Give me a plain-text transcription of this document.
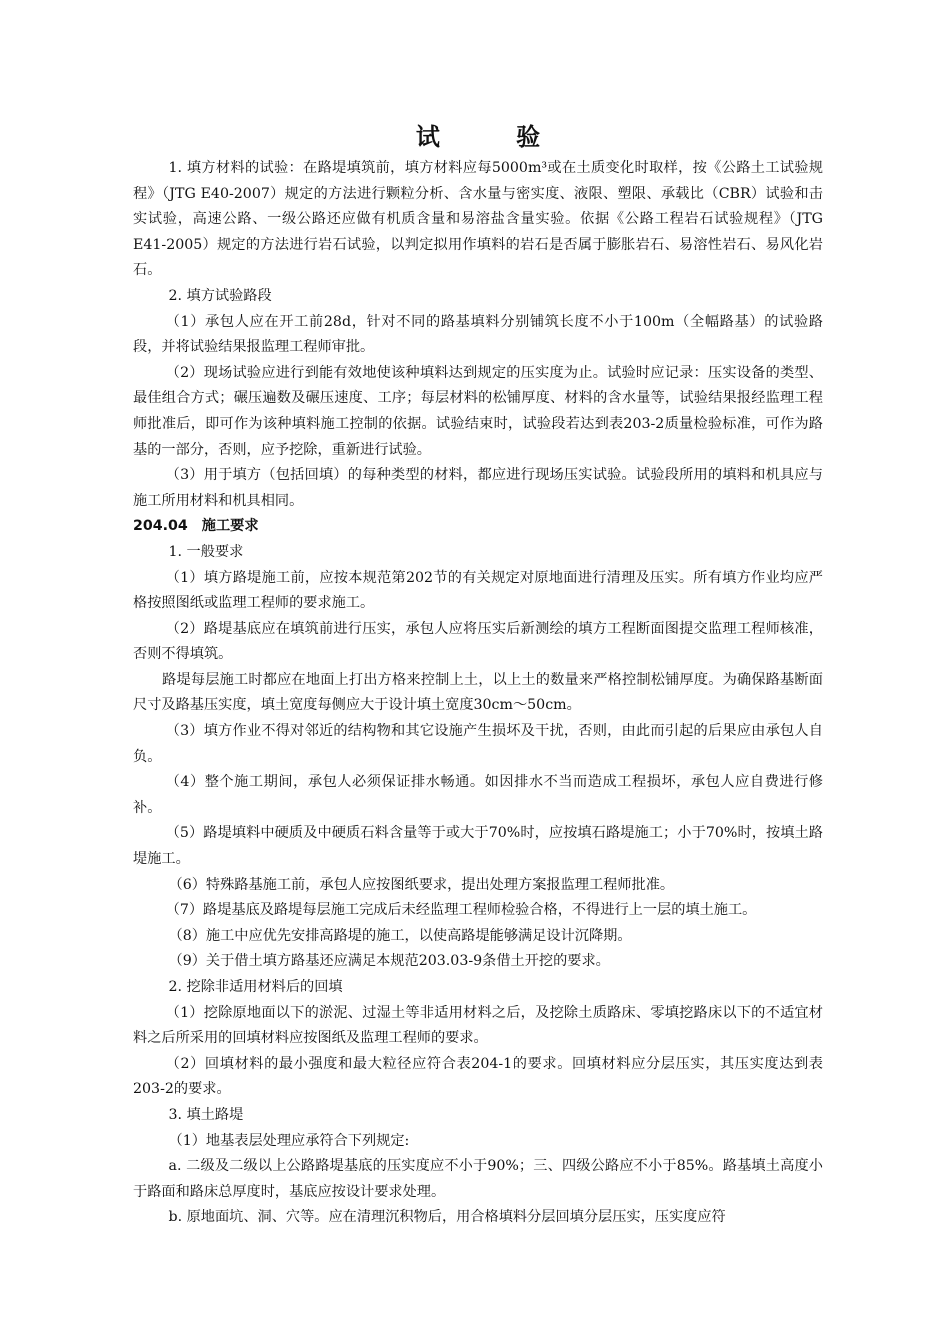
试 验

1. 填方材料的试验：在路堤填筑前，填方材料应每5000m³或在土质变化时取样，按《公路土工试验规程》（JTG E40-2007）规定的方法进行颗粒分析、含水量与密实度、液限、塑限、承载比（CBR）试验和击实试验，高速公路、一级公路还应做有机质含量和易溶盐含量实验。依据《公路工程岩石试验规程》（JTG E41-2005）规定的方法进行岩石试验，以判定拟用作填料的岩石是否属于膨胀岩石、易溶性岩石、易风化岩石。

2. 填方试验路段

（1）承包人应在开工前28d，针对不同的路基填料分别铺筑长度不小于100m（全幅路基）的试验路段，并将试验结果报监理工程师审批。

（2）现场试验应进行到能有效地使该种填料达到规定的压实度为止。试验时应记录：压实设备的类型、最佳组合方式；碾压遍数及碾压速度、工序；每层材料的松铺厚度、材料的含水量等，试验结果报经监理工程师批准后，即可作为该种填料施工控制的依据。试验结束时，试验段若达到表203-2质量检验标准，可作为路基的一部分，否则，应予挖除，重新进行试验。

（3）用于填方（包括回填）的每种类型的材料，都应进行现场压实试验。试验段所用的填料和机具应与施工所用材料和机具相同。

204.04 施工要求

1. 一般要求

（1）填方路堤施工前，应按本规范第202节的有关规定对原地面进行清理及压实。所有填方作业均应严格按照图纸或监理工程师的要求施工。

（2）路堤基底应在填筑前进行压实，承包人应将压实后新测绘的填方工程断面图提交监理工程师核准，否则不得填筑。

路堤每层施工时都应在地面上打出方格来控制上土，以上土的数量来严格控制松铺厚度。为确保路基断面尺寸及路基压实度，填土宽度每侧应大于设计填土宽度30cm～50cm。

（3）填方作业不得对邻近的结构物和其它设施产生损坏及干扰，否则，由此而引起的后果应由承包人自负。

（4）整个施工期间，承包人必须保证排水畅通。如因排水不当而造成工程损坏，承包人应自费进行修补。

（5）路堤填料中硬质及中硬质石料含量等于或大于70%时，应按填石路堤施工；小于70%时，按填土路堤施工。

（6）特殊路基施工前，承包人应按图纸要求，提出处理方案报监理工程师批准。

（7）路堤基底及路堤每层施工完成后未经监理工程师检验合格，不得进行上一层的填土施工。

（8）施工中应优先安排高路堤的施工，以使高路堤能够满足设计沉降期。

（9）关于借土填方路基还应满足本规范203.03-9条借土开挖的要求。

2. 挖除非适用材料后的回填

（1）挖除原地面以下的淤泥、过湿土等非适用材料之后，及挖除土质路床、零填挖路床以下的不适宜材料之后所采用的回填材料应按图纸及监理工程师的要求。

（2）回填材料的最小强度和最大粒径应符合表204-1的要求。回填材料应分层压实，其压实度达到表203-2的要求。

3. 填土路堤

（1）地基表层处理应承符合下列规定:

a. 二级及二级以上公路路堤基底的压实度应不小于90%；三、四级公路应不小于85%。路基填土高度小于路面和路床总厚度时，基底应按设计要求处理。

b. 原地面坑、洞、穴等。应在清理沉积物后，用合格填料分层回填分层压实，压实度应符
